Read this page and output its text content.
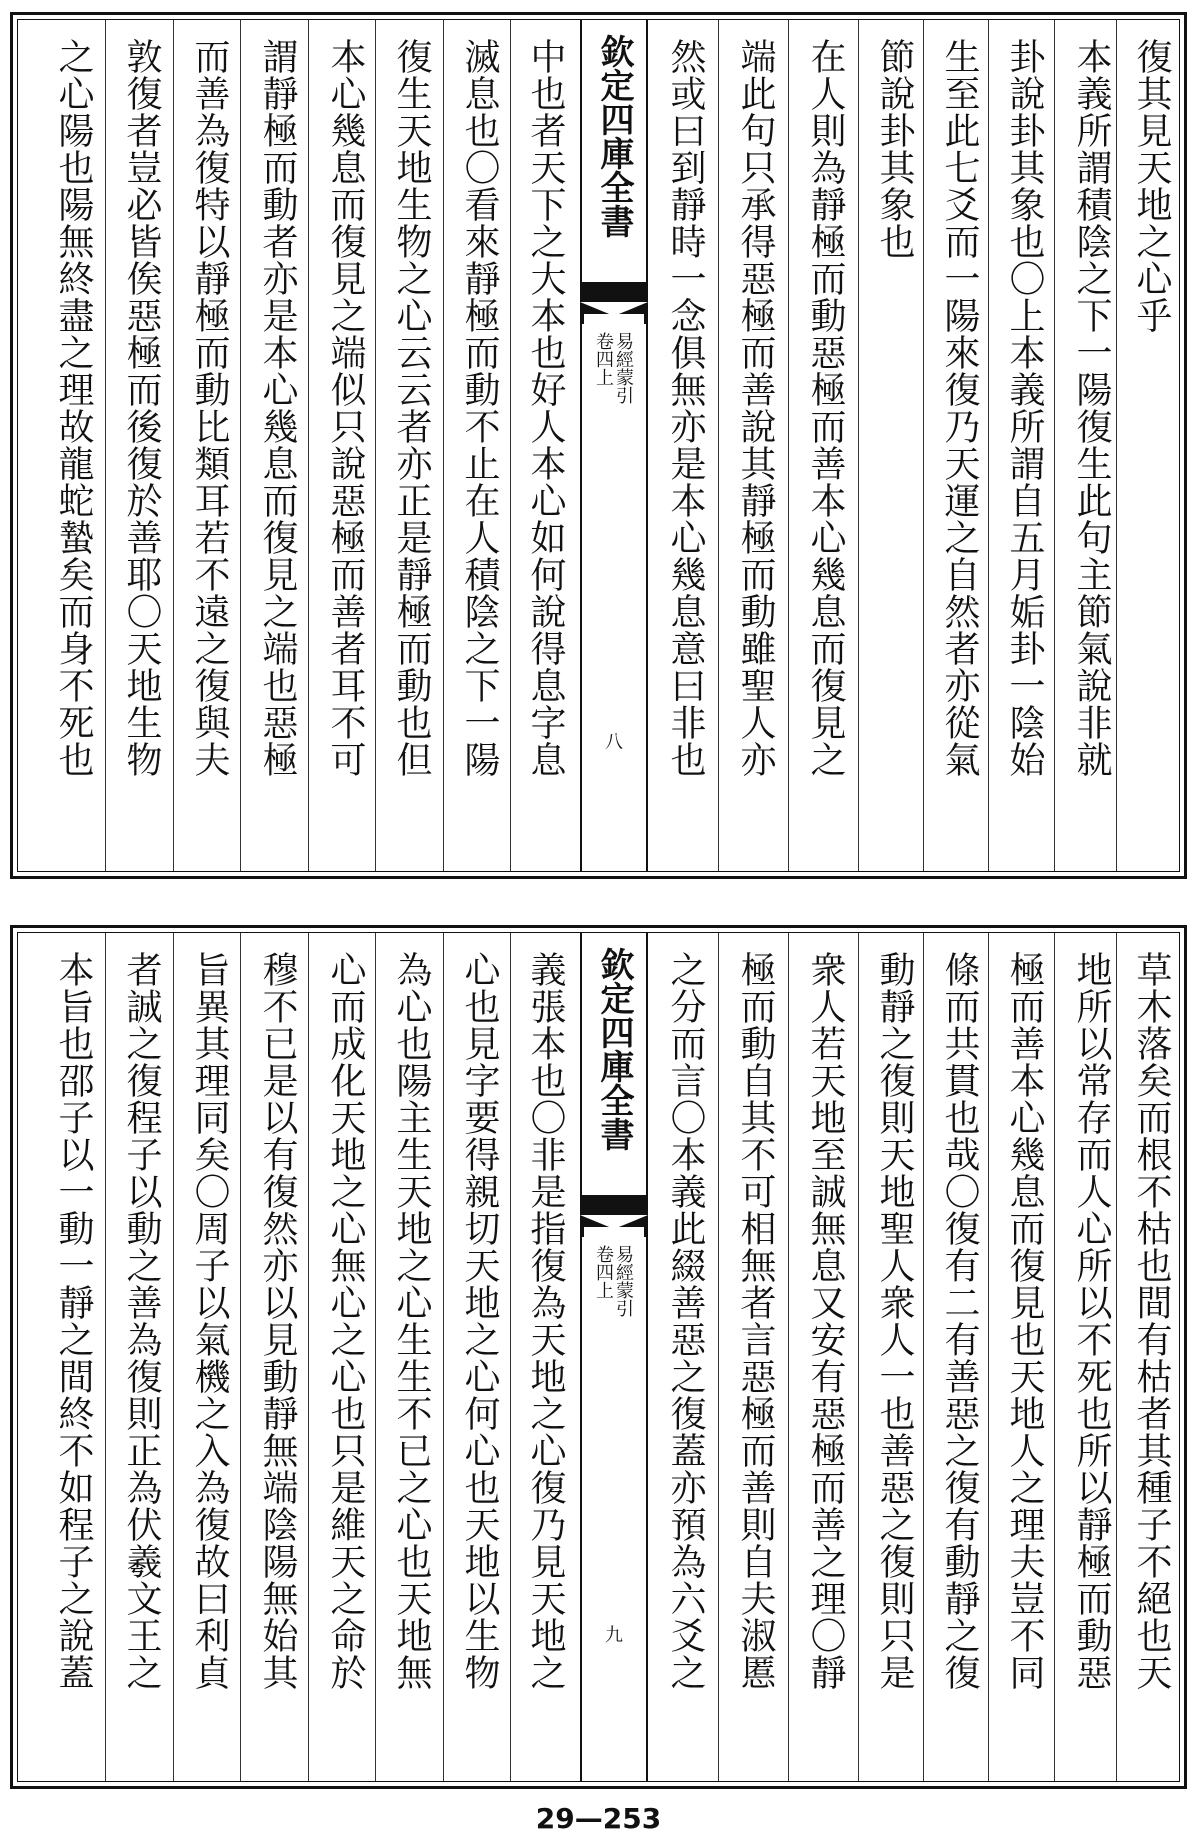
復其見天地之心乎
本義所謂積陰之下一陽復生此句主節氣說非就
卦說卦其象也〇上本義所謂自五月姤卦一陰始
生至此七爻而一陽來復乃天運之自然者亦從氣
節說卦其象也
在人則為靜極而動惡極而善本心幾息而復見之
端此句只承得惡極而善說其靜極而動雖聖人亦
然或曰到靜時一念俱無亦是本心幾息意曰非也
欽定四庫全書
易經蒙引
卷四上
八
中也者天下之大本也好人本心如何說得息字息
滅息也〇看來靜極而動不止在人積陰之下一陽
復生天地生物之心云云者亦正是靜極而動也但
本心幾息而復見之端似只說惡極而善者耳不可
謂靜極而動者亦是本心幾息而復見之端也惡極
而善為復特以靜極而動比類耳若不遠之復與夫
敦復者豈必皆俟惡極而後復於善耶〇天地生物
之心陽也陽無終盡之理故龍蛇蟄矣而身不死也
草木落矣而根不枯也間有枯者其種子不絕也天
地所以常存而人心所以不死也所以靜極而動惡
極而善本心幾息而復見也天地人之理夫豈不同
條而共貫也哉〇復有二有善惡之復有動靜之復
動靜之復則天地聖人衆人一也善惡之復則只是
衆人若天地至誠無息又安有惡極而善之理〇靜
極而動自其不可相無者言惡極而善則自夫淑慝
之分而言〇本義此綴善惡之復蓋亦預為六爻之
欽定四庫全書
易經蒙引
卷四上
九
義張本也〇非是指復為天地之心復乃見天地之
心也見字要得親切天地之心何心也天地以生物
為心也陽主生天地之心生生不已之心也天地無
心而成化天地之心無心之心也只是維天之命於
穆不已是以有復然亦以見動靜無端陰陽無始其
旨異其理同矣〇周子以氣機之入為復故曰利貞
者誠之復程子以動之善為復則正為伏羲文王之
本旨也邵子以一動一靜之間終不如程子之說蓋
29—253
